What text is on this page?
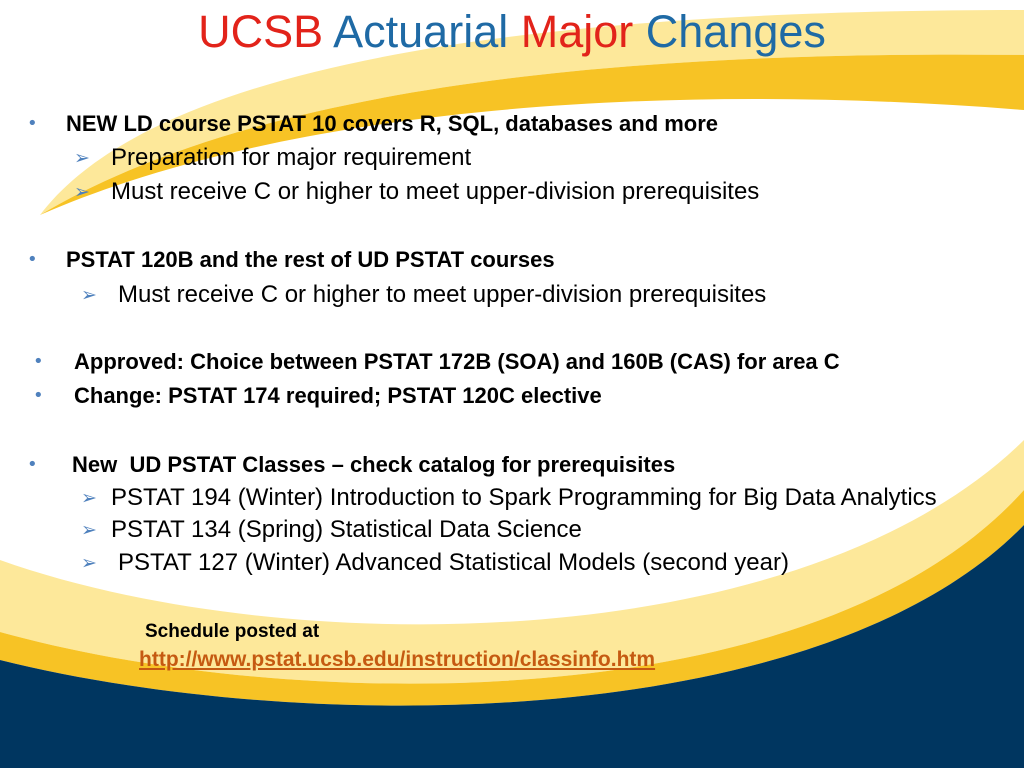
UCSB Actuarial Major Changes
• NEW LD course PSTAT 10 covers R, SQL, databases and more
➢ Preparation for major requirement
➢ Must receive C or higher to meet upper-division prerequisites
• PSTAT 120B and the rest of UD PSTAT courses
➢ Must receive C or higher to meet upper-division prerequisites
• Approved: Choice between PSTAT 172B (SOA) and 160B (CAS) for area C
• Change: PSTAT 174 required; PSTAT 120C elective
• New  UD PSTAT Classes – check catalog for prerequisites
➢ PSTAT 194 (Winter) Introduction to Spark Programming for Big Data Analytics
➢ PSTAT 134 (Spring) Statistical Data Science
➢ PSTAT 127 (Winter) Advanced Statistical Models (second year)
Schedule posted at
http://www.pstat.ucsb.edu/instruction/classinfo.htm
